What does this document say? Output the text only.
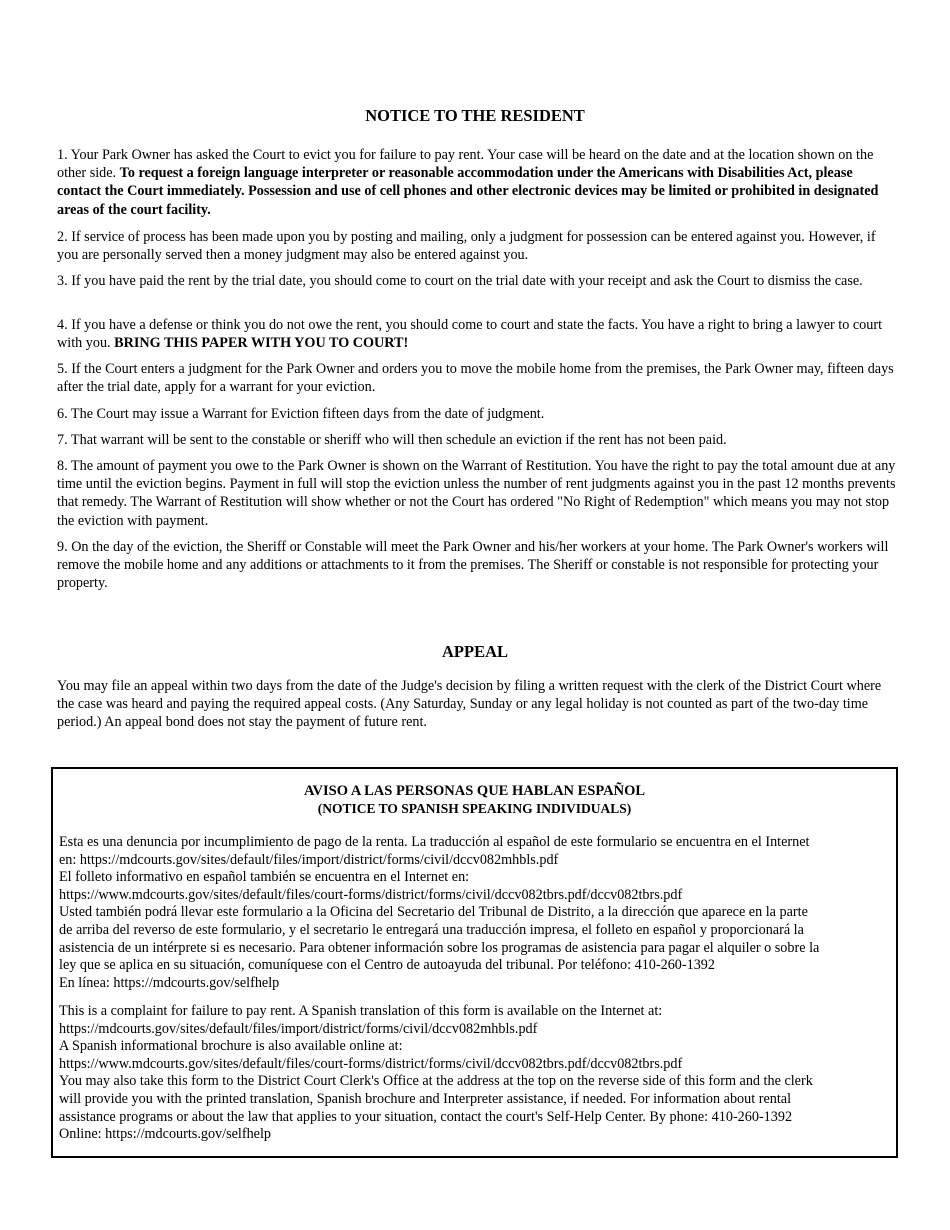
NOTICE TO THE RESIDENT

1. Your Park Owner has asked the Court to evict you for failure to pay rent. Your case will be heard on the date and at the location shown on the other side. To request a foreign language interpreter or reasonable accommodation under the Americans with Disabilities Act, please contact the Court immediately. Possession and use of cell phones and other electronic devices may be limited or prohibited in designated areas of the court facility.

2. If service of process has been made upon you by posting and mailing, only a judgment for possession can be entered against you. However, if you are personally served then a money judgment may also be entered against you.

3. If you have paid the rent by the trial date, you should come to court on the trial date with your receipt and ask the Court to dismiss the case.

4. If you have a defense or think you do not owe the rent, you should come to court and state the facts. You have a right to bring a lawyer to court with you. BRING THIS PAPER WITH YOU TO COURT!

5. If the Court enters a judgment for the Park Owner and orders you to move the mobile home from the premises, the Park Owner may, fifteen days after the trial date, apply for a warrant for your eviction.

6. The Court may issue a Warrant for Eviction fifteen days from the date of judgment.

7. That warrant will be sent to the constable or sheriff who will then schedule an eviction if the rent has not been paid.

8. The amount of payment you owe to the Park Owner is shown on the Warrant of Restitution. You have the right to pay the total amount due at any time until the eviction begins. Payment in full will stop the eviction unless the number of rent judgments against you in the past 12 months prevents that remedy. The Warrant of Restitution will show whether or not the Court has ordered "No Right of Redemption" which means you may not stop the eviction with payment.

9. On the day of the eviction, the Sheriff or Constable will meet the Park Owner and his/her workers at your home. The Park Owner's workers will remove the mobile home and any additions or attachments to it from the premises. The Sheriff or constable is not responsible for protecting your property.

APPEAL

You may file an appeal within two days from the date of the Judge's decision by filing a written request with the clerk of the District Court where the case was heard and paying the required appeal costs. (Any Saturday, Sunday or any legal holiday is not counted as part of the two-day time period.) An appeal bond does not stay the payment of future rent.

AVISO A LAS PERSONAS QUE HABLAN ESPAÑOL
(NOTICE TO SPANISH SPEAKING INDIVIDUALS)
Esta es una denuncia por incumplimiento de pago de la renta. La traducción al español de este formulario se encuentra en el Internet
en: https://mdcourts.gov/sites/default/files/import/district/forms/civil/dccv082mhbls.pdf
El folleto informativo en español también se encuentra en el Internet en:
https://www.mdcourts.gov/sites/default/files/court-forms/district/forms/civil/dccv082tbrs.pdf/dccv082tbrs.pdf
Usted también podrá llevar este formulario a la Oficina del Secretario del Tribunal de Distrito, a la dirección que aparece en la parte
de arriba del reverso de este formulario, y el secretario le entregará una traducción impresa, el folleto en español y proporcionará la
asistencia de un intérprete si es necesario. Para obtener información sobre los programas de asistencia para pagar el alquiler o sobre la
ley que se aplica en su situación, comuníquese con el Centro de autoayuda del tribunal. Por teléfono: 410-260-1392
En línea: https://mdcourts.gov/selfhelp
This is a complaint for failure to pay rent. A Spanish translation of this form is available on the Internet at:
https://mdcourts.gov/sites/default/files/import/district/forms/civil/dccv082mhbls.pdf
A Spanish informational brochure is also available online at:
https://www.mdcourts.gov/sites/default/files/court-forms/district/forms/civil/dccv082tbrs.pdf/dccv082tbrs.pdf
You may also take this form to the District Court Clerk's Office at the address at the top on the reverse side of this form and the clerk
will provide you with the printed translation, Spanish brochure and Interpreter assistance, if needed. For information about rental
assistance programs or about the law that applies to your situation, contact the court's Self-Help Center. By phone: 410-260-1392
Online: https://mdcourts.gov/selfhelp
